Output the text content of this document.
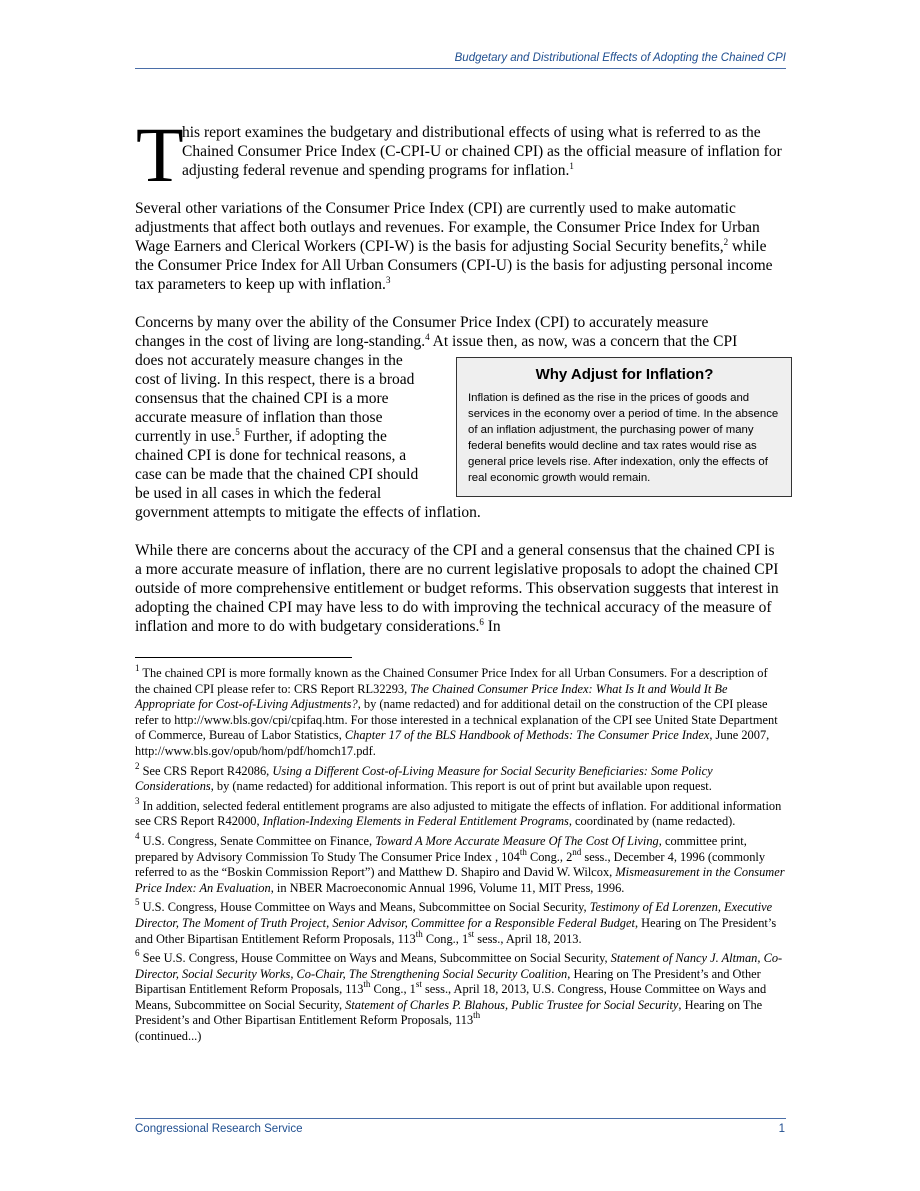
Budgetary and Distributional Effects of Adopting the Chained CPI
T

his report examines the budgetary and distributional effects of using what is referred to as the Chained Consumer Price Index (C-CPI-U or chained CPI) as the official measure of inflation for adjusting federal revenue and spending programs for inflation.$^1$

Several other variations of the Consumer Price Index (CPI) are currently used to make automatic adjustments that affect both outlays and revenues. For example, the Consumer Price Index for Urban Wage Earners and Clerical Workers (CPI-W) is the basis for adjusting Social Security benefits,$^2$ while the Consumer Price Index for All Urban Consumers (CPI-U) is the basis for adjusting personal income tax parameters to keep up with inflation.$^3$

Concerns by many over the ability of the Consumer Price Index (CPI) to accurately measure
changes in the cost of living are long-standing.$^4$ At issue then, as now, was a concern that the CPI
does not accurately measure changes in the
cost of living. In this respect, there is a broad
consensus that the chained CPI is a more
accurate measure of inflation than those
currently in use.$^5$ Further, if adopting the
chained CPI is done for technical reasons, a
case can be made that the chained CPI should
be used in all cases in which the federal
government attempts to mitigate the effects of inflation.
Why Adjust for Inflation?

Inflation is defined as the rise in the prices of goods and services in the economy over a period of time. In the absence of an inflation adjustment, the purchasing power of many federal benefits would decline and tax rates would rise as general price levels rise. After indexation, only the effects of real economic growth would remain.

While there are concerns about the accuracy of the CPI and a general consensus that the chained CPI is a more accurate measure of inflation, there are no current legislative proposals to adopt the chained CPI outside of more comprehensive entitlement or budget reforms. This observation suggests that interest in adopting the chained CPI may have less to do with improving the technical accuracy of the measure of inflation and more to do with budgetary considerations.$^6$ In

$^1$ The chained CPI is more formally known as the Chained Consumer Price Index for all Urban Consumers. For a description of the chained CPI please refer to: CRS Report RL32293, The Chained Consumer Price Index: What Is It and Would It Be Appropriate for Cost-of-Living Adjustments?, by (name redacted) and for additional detail on the construction of the CPI please refer to http://www.bls.gov/cpi/cpifaq.htm. For those interested in a technical explanation of the CPI see United State Department of Commerce, Bureau of Labor Statistics, Chapter 17 of the BLS Handbook of Methods: The Consumer Price Index, June 2007, http://www.bls.gov/opub/hom/pdf/homch17.pdf.

$^2$ See CRS Report R42086, Using a Different Cost-of-Living Measure for Social Security Beneficiaries: Some Policy Considerations, by (name redacted) for additional information. This report is out of print but available upon request.

$^3$ In addition, selected federal entitlement programs are also adjusted to mitigate the effects of inflation. For additional information see CRS Report R42000, Inflation-Indexing Elements in Federal Entitlement Programs, coordinated by (name redacted).

$^4$ U.S. Congress, Senate Committee on Finance, Toward A More Accurate Measure Of The Cost Of Living, committee print, prepared by Advisory Commission To Study The Consumer Price Index , 104th Cong., 2nd sess., December 4, 1996 (commonly referred to as the “Boskin Commission Report”) and Matthew D. Shapiro and David W. Wilcox, Mismeasurement in the Consumer Price Index: An Evaluation, in NBER Macroeconomic Annual 1996, Volume 11, MIT Press, 1996.

$^5$ U.S. Congress, House Committee on Ways and Means, Subcommittee on Social Security, Testimony of Ed Lorenzen, Executive Director, The Moment of Truth Project, Senior Advisor, Committee for a Responsible Federal Budget, Hearing on The President’s and Other Bipartisan Entitlement Reform Proposals, 113th Cong., 1st sess., April 18, 2013.

$^6$ See U.S. Congress, House Committee on Ways and Means, Subcommittee on Social Security, Statement of Nancy J. Altman, Co-Director, Social Security Works, Co-Chair, The Strengthening Social Security Coalition, Hearing on The President’s and Other Bipartisan Entitlement Reform Proposals, 113th Cong., 1st sess., April 18, 2013, U.S. Congress, House Committee on Ways and Means, Subcommittee on Social Security, Statement of Charles P. Blahous, Public Trustee for Social Security, Hearing on The President’s and Other Bipartisan Entitlement Reform Proposals, 113th
(continued...)

Congressional Research Service	1
